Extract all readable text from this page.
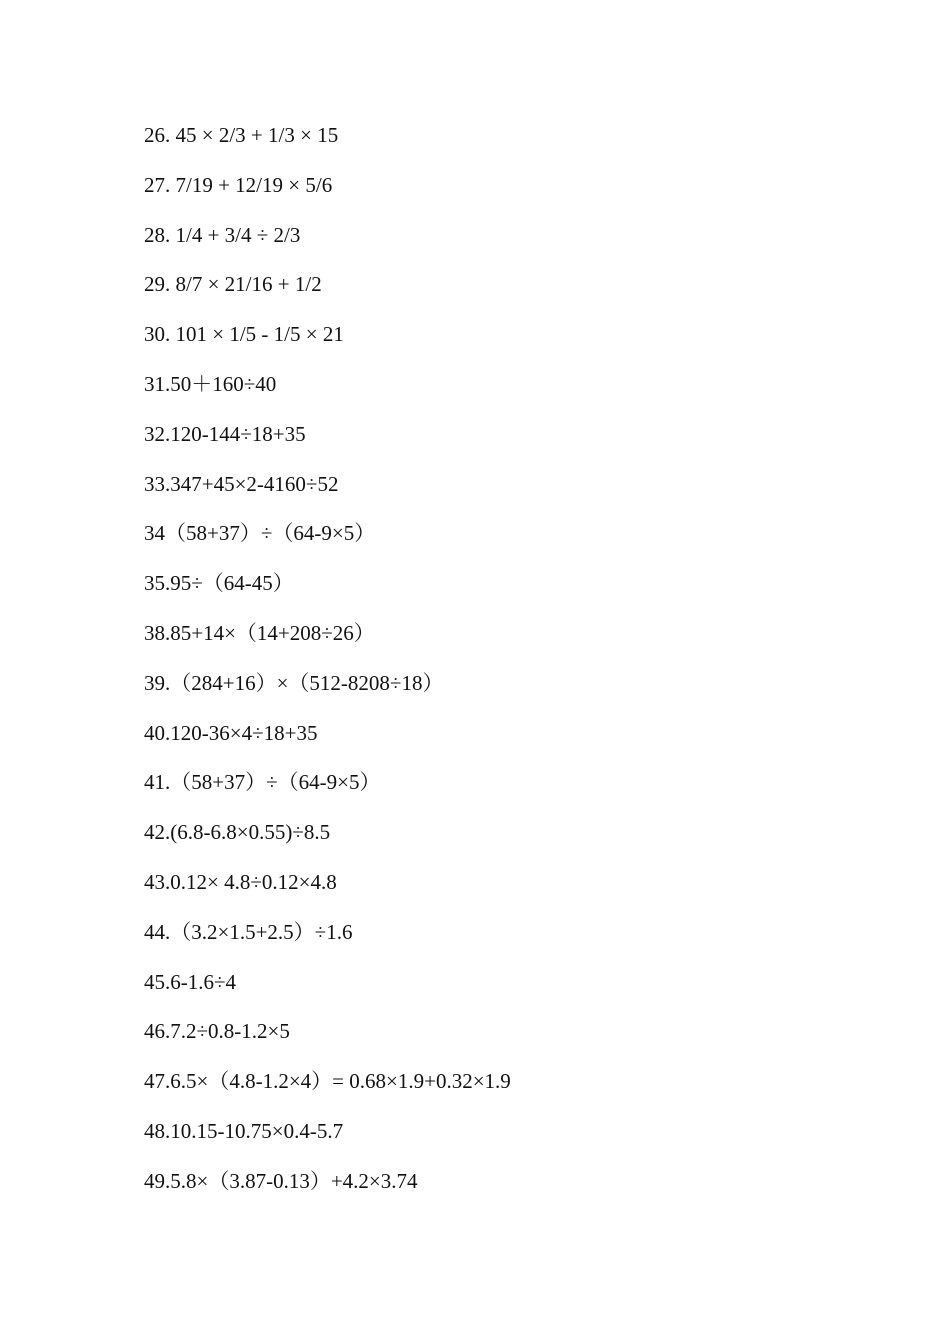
26. 45 × 2/3 + 1/3 × 15
27. 7/19 + 12/19 × 5/6
28. 1/4 + 3/4 ÷ 2/3
29. 8/7 × 21/16 + 1/2
30. 101 × 1/5 - 1/5 × 21
31.50＋160÷40
32.120-144÷18+35
33.347+45×2-4160÷52
34（58+37）÷（64-9×5）
35.95÷（64-45）
38.85+14×（14+208÷26）
39.（284+16）×（512-8208÷18）
40.120-36×4÷18+35
41.（58+37）÷（64-9×5）
42.(6.8-6.8×0.55)÷8.5
43.0.12× 4.8÷0.12×4.8
44.（3.2×1.5+2.5）÷1.6
45.6-1.6÷4
46.7.2÷0.8-1.2×5
47.6.5×（4.8-1.2×4）= 0.68×1.9+0.32×1.9
48.10.15-10.75×0.4-5.7
49.5.8×（3.87-0.13）+4.2×3.74
